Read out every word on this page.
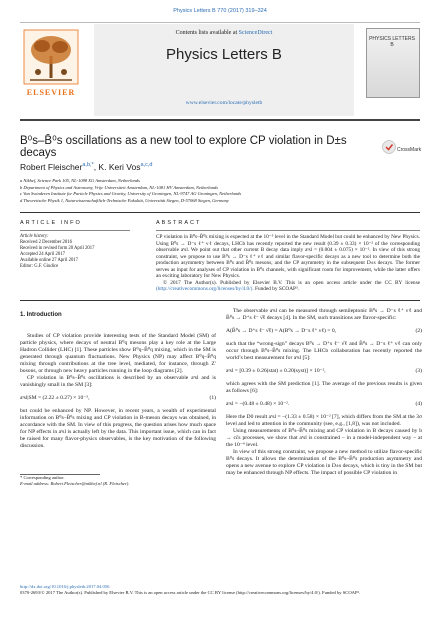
Physics Letters B 770 (2017) 319–324
ELSEVIER
Contents lists available at ScienceDirect
Physics Letters B
www.elsevier.com/locate/physletb
PHYSICS LETTERS B
B⁰s–B̄⁰s oscillations as a new tool to explore CP violation in D±s decays	CrossMark
Robert Fleischer$^{a,b,*}$, K. Keri Vos$^{a,c,d}$
a Nikhef, Science Park 105, NL-1098 XG Amsterdam, Netherlands
b Department of Physics and Astronomy, Vrije Universiteit Amsterdam, NL-1081 HV Amsterdam, Netherlands
c Van Swinderen Institute for Particle Physics and Gravity, University of Groningen, NL-9747 AG Groningen, Netherlands
d Theoretische Physik 1, Naturwissenschaftlich-Technische Fakultät, Universität Siegen, D-57068 Siegen, Germany
ARTICLE INFO
Article history:
Received 2 December 2016
Received in revised form 20 April 2017
Accepted 24 April 2017
Available online 27 April 2017
Editor: G.F. Giudice
ABSTRACT
CP violation in B⁰s–B̄⁰s mixing is expected at the 10⁻⁵ level in the Standard Model but could be enhanced by New Physics. Using B⁰s → D⁻s ℓ⁺ νℓ decays, LHCb has recently reported the new result (0.39 ± 0.33) × 10⁻² of the corresponding observable aˢsl. We point out that other current B decay data imply aˢsl = (0.004 ± 0.075) × 10⁻². In view of this strong constraint, we propose to use B⁰s → D⁻s ℓ⁺ νℓ and similar flavor-specific decays as a new tool to determine both the production asymmetry between B⁰s and B̄⁰s mesons, and the CP asymmetry in the subsequent D±s decays. The former serves as input for analyses of CP violation in B⁰s channels, with significant room for improvement, while the latter offers an exciting laboratory for New Physics.
© 2017 The Author(s). Published by Elsevier B.V. This is an open access article under the CC BY license (http://creativecommons.org/licenses/by/4.0/). Funded by SCOAP³.
1. Introduction

Studies of CP violation provide interesting tests of the Standard Model (SM) of particle physics, where decays of neutral B⁰q mesons play a key role at the Large Hadron Collider (LHC) [1]. These particles show B⁰q–B̄⁰q mixing, which in the SM is generated through quantum fluctuations. New Physics (NP) may affect B⁰q–B̄⁰q mixing through contributions at the tree level, mediated, for instance, through Z′ bosons, or through new heavy particles running in the loop diagrams [2].

CP violation in B⁰s–B̄⁰s oscillations is described by an observable aˢsl and is vanishingly small in the SM [3]:

aˢsl|SM = (2.22 ± 0.27) × 10⁻⁵,	(1)

but could be enhanced by NP. However, in recent years, a wealth of experimental information on B⁰s–B̄⁰s mixing and CP violation in B-meson decays was obtained, in accordance with the SM. In view of this progress, the question arises how much space for NP effects in aˢsl is actually left by the data. This important issue, which can in fact be raised for many flavor-physics observables, is the key motivation of the following discussion.

* Corresponding author.
E-mail address: Robert.Fleischer@nikhef.nl (R. Fleischer).

The observable aˢsl can be measured through semileptonic B⁰s → D⁻s ℓ⁺ νℓ and B̄⁰s → D⁺s ℓ⁻ ν̄ℓ decays [4]. In the SM, such transitions are flavor-specific:

A(B̄⁰s → D⁺s ℓ⁻ ν̄ℓ) = A(B⁰s → D⁻s ℓ⁺ νℓ) = 0,	(2)

such that the “wrong-sign” decays B⁰s → D⁺s ℓ⁻ ν̄ℓ and B̄⁰s → D⁻s ℓ⁺ νℓ can only occur through B⁰s–B̄⁰s mixing. The LHCb collaboration has recently reported the world’s best measurement for aˢsl [5]:

aˢsl = [0.39 ± 0.26(stat) ± 0.20(syst)] × 10⁻²,	(3)

which agrees with the SM prediction [1]. The average of the previous results is given as follows [6]:

aˢsl = −(0.48 ± 0.48) × 10⁻².	(4)

Here the D0 result aˢsl = −(1.33 ± 0.58) × 10⁻² [7], which differs from the SM at the 3σ level and led to attention in the community (see, e.g., [1,8]), was not included.

Using measurements of B⁰s–B̄⁰s mixing and CP violation in B decays caused by b → cc̄s processes, we show that aˢsl is constrained – in a model-independent way – at the 10⁻⁴ level.

In view of this strong constraint, we propose a new method to utilize flavor-specific B⁰s decays. It allows the determination of the B⁰s–B̄⁰s production asymmetry and opens a new avenue to explore CP violation in D±s decays, which is tiny in the SM but may be enhanced through NP effects. The impact of possible CP violation in

http://dx.doi.org/10.1016/j.physletb.2017.04.056
0370-2693/© 2017 The Author(s). Published by Elsevier B.V. This is an open access article under the CC BY license (http://creativecommons.org/licenses/by/4.0/). Funded by SCOAP³.
